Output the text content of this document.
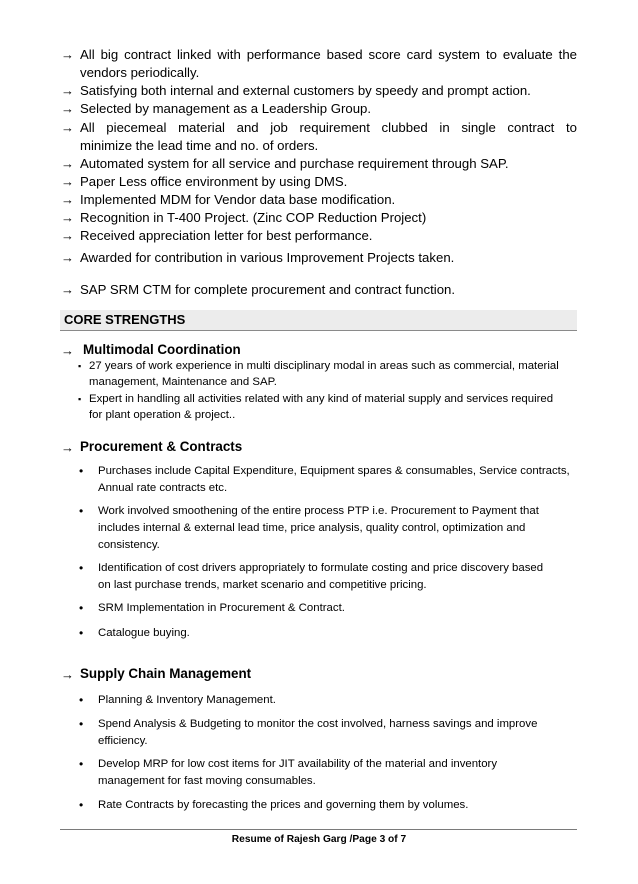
→ All big contract linked with performance based score card system to evaluate the
vendors periodically.
→ Satisfying both internal and external customers by speedy and prompt action.
→ Selected by management as a Leadership Group.
→ All piecemeal material and job requirement clubbed in single contract to
minimize the lead time and no. of orders.
→ Automated system for all service and purchase requirement through SAP.
→ Paper Less office environment by using DMS.
→ Implemented MDM for Vendor data base modification.
→ Recognition in T-400 Project. (Zinc COP Reduction Project)
→ Received appreciation letter for best performance.
→ Awarded for contribution in various Improvement Projects taken.
→ SAP SRM CTM for complete procurement and contract function.
CORE STRENGTHS
→ Multimodal Coordination
▪ 27 years of work experience in multi disciplinary modal in areas such as commercial, material
management, Maintenance and SAP.
▪ Expert in handling all activities related with any kind of material supply and services required
for plant operation & project..
→ Procurement & Contracts
• Purchases include Capital Expenditure, Equipment spares & consumables, Service contracts,
Annual rate contracts etc.
• Work involved smoothening of the entire process PTP i.e. Procurement to Payment that
includes internal & external lead time, price analysis, quality control, optimization and
consistency.
• Identification of cost drivers appropriately to formulate costing and price discovery based
on last purchase trends, market scenario and competitive pricing.
• SRM Implementation in Procurement & Contract.
• Catalogue buying.
→ Supply Chain Management
• Planning & Inventory Management.
• Spend Analysis & Budgeting to monitor the cost involved, harness savings and improve
efficiency.
• Develop MRP for low cost items for JIT availability of the material and inventory
management for fast moving consumables.
• Rate Contracts by forecasting the prices and governing them by volumes.
Resume of Rajesh Garg /Page 3 of 7
